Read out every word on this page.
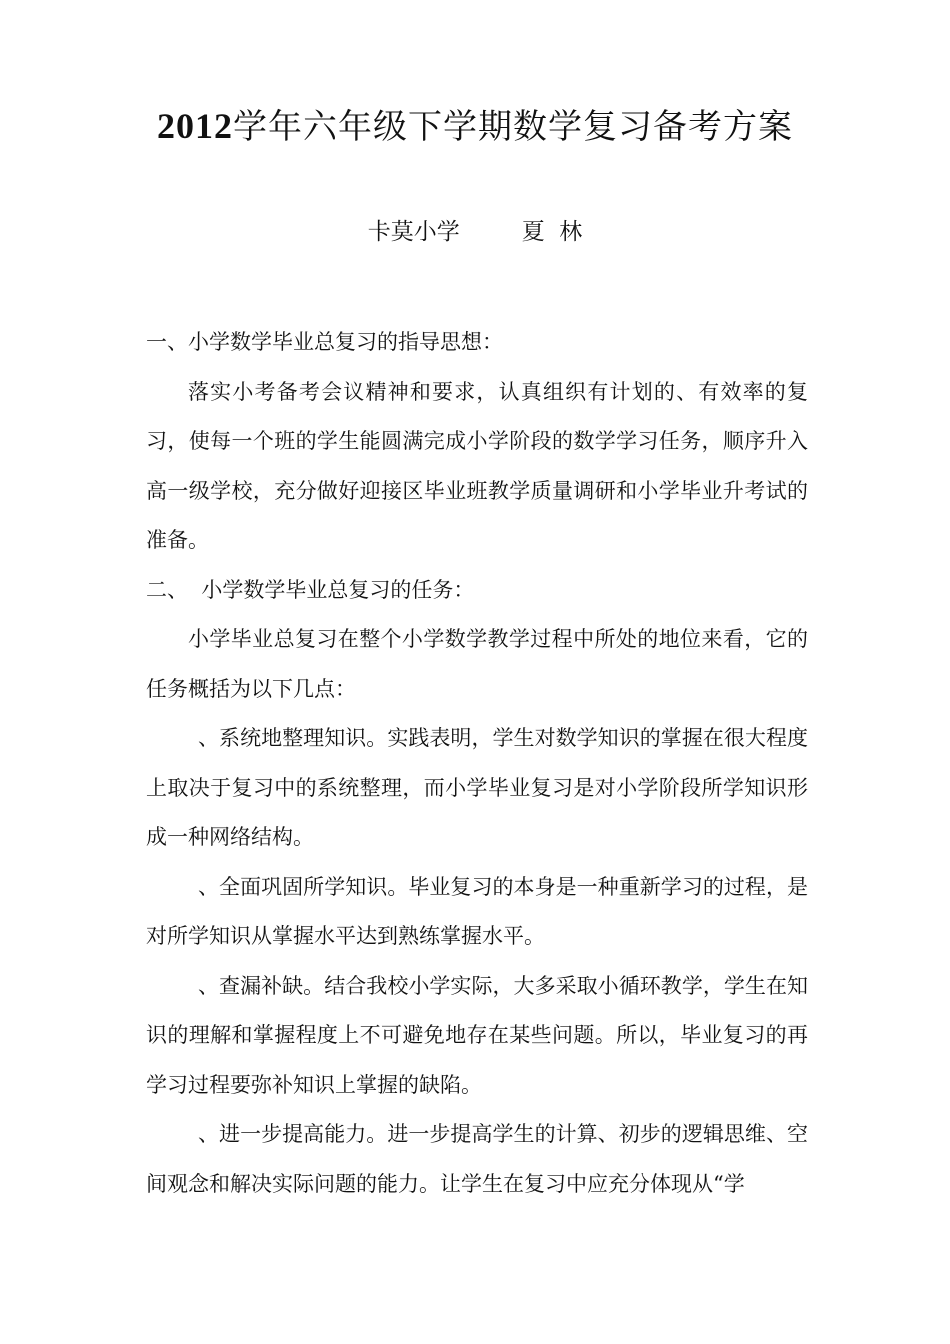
2012学年六年级下学期数学复习备考方案
卡莫小学	夏  林

一、小学数学毕业总复习的指导思想：

落实小考备考会议精神和要求，认真组织有计划的、有效率的复习，使每一个班的学生能圆满完成小学阶段的数学学习任务，顺序升入高一级学校，充分做好迎接区毕业班教学质量调研和小学毕业升考试的准备。

二、  小学数学毕业总复习的任务：

小学毕业总复习在整个小学数学教学过程中所处的地位来看，它的任务概括为以下几点：

、系统地整理知识。实践表明，学生对数学知识的掌握在很大程度上取决于复习中的系统整理，而小学毕业复习是对小学阶段所学知识形成一种网络结构。

、全面巩固所学知识。毕业复习的本身是一种重新学习的过程，是对所学知识从掌握水平达到熟练掌握水平。

、查漏补缺。结合我校小学实际，大多采取小循环教学，学生在知识的理解和掌握程度上不可避免地存在某些问题。所以，毕业复习的再学习过程要弥补知识上掌握的缺陷。

、进一步提高能力。进一步提高学生的计算、初步的逻辑思维、空间观念和解决实际问题的能力。让学生在复习中应充分体现从“学
